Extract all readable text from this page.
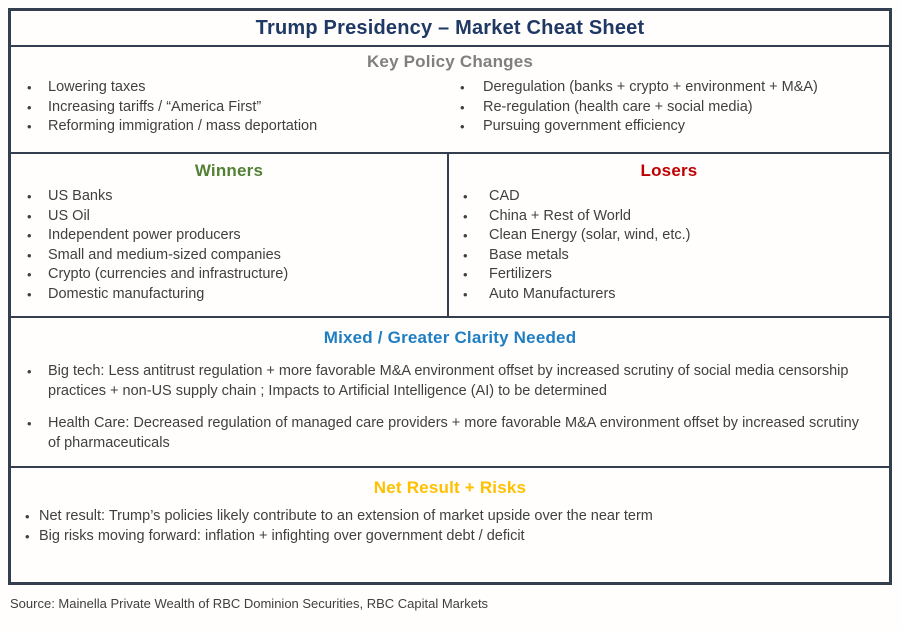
Trump Presidency – Market Cheat Sheet
Key Policy Changes
• Lowering taxes
• Increasing tariffs / “America First”
• Reforming immigration / mass deportation
• Deregulation (banks + crypto + environment + M&A)
• Re-regulation (health care + social media)
• Pursuing government efficiency
Winners
• US Banks
• US Oil
• Independent power producers
• Small and medium-sized companies
• Crypto (currencies and infrastructure)
• Domestic manufacturing
Losers
• CAD
• China + Rest of World
• Clean Energy (solar, wind, etc.)
• Base metals
• Fertilizers
• Auto Manufacturers
Mixed / Greater Clarity Needed
• Big tech: Less antitrust regulation + more favorable M&A environment offset by increased scrutiny of social media censorship practices + non-US supply chain ; Impacts to Artificial Intelligence (AI) to be determined
• Health Care: Decreased regulation of managed care providers + more favorable M&A environment offset by increased scrutiny of pharmaceuticals
Net Result + Risks
• Net result: Trump’s policies likely contribute to an extension of market upside over the near term
• Big risks moving forward: inflation + infighting over government debt / deficit
Source: Mainella Private Wealth of RBC Dominion Securities, RBC Capital Markets
